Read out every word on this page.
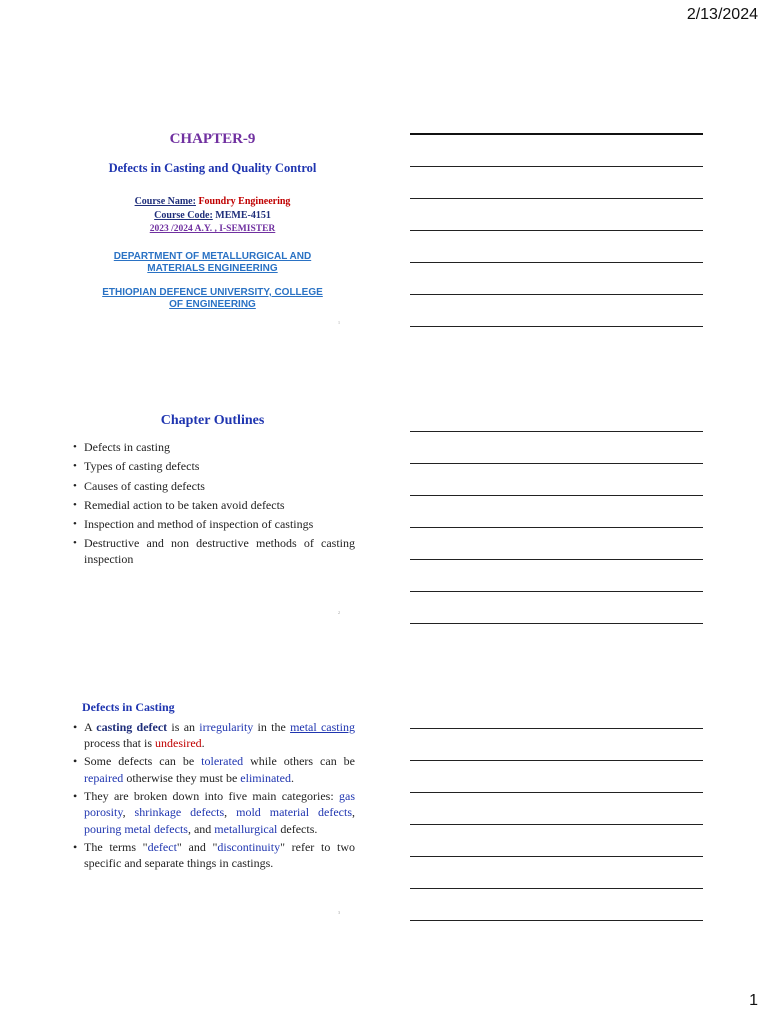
2/13/2024
CHAPTER-9
Defects in Casting and Quality Control
Course Name: Foundry Engineering
Course Code: MEME-4151
2023 /2024 A.Y. , I-SEMISTER
DEPARTMENT OF METALLURGICAL AND
MATERIALS ENGINEERING
ETHIOPIAN DEFENCE UNIVERSITY, COLLEGE
OF ENGINEERING
1
Chapter Outlines
• Defects in casting
• Types of casting defects
• Causes of casting defects
• Remedial action to be taken avoid defects
• Inspection and method of inspection of castings
• Destructive and non destructive methods of casting inspection
2
Defects in Casting
• A casting defect is an irregularity in the metal casting process that is undesired.
• Some defects can be tolerated while others can be repaired otherwise they must be eliminated.
• They are broken down into five main categories: gas porosity, shrinkage defects, mold material defects, pouring metal defects, and metallurgical defects.
• The terms "defect" and "discontinuity" refer to two specific and separate things in castings.
3
1
